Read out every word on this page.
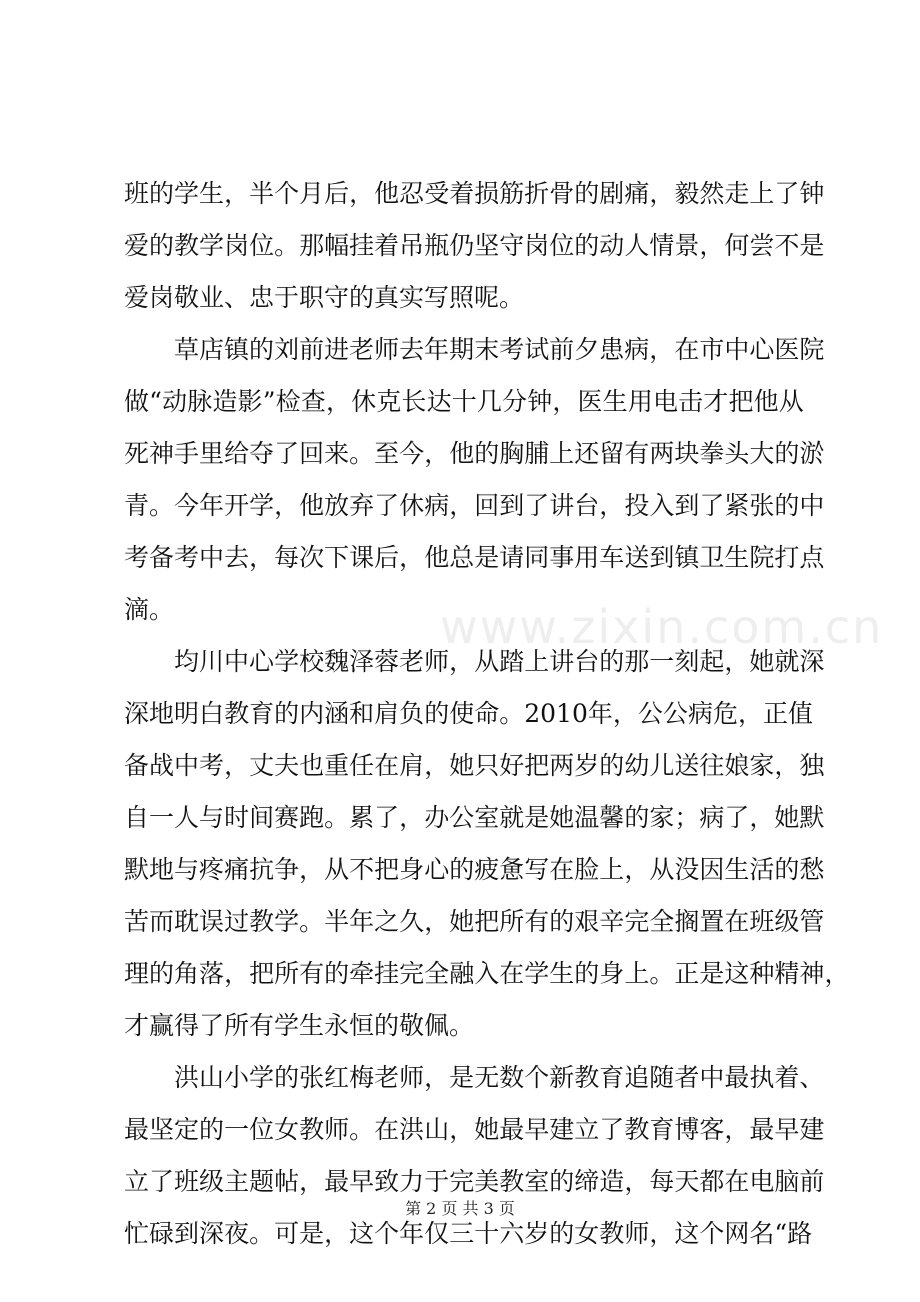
www.zixin.com.cn
班 的 学 生 ， 半 个 月 后 ， 他 忍 受 着 损 筋 折 骨 的 剧 痛 ， 毅 然 走 上 了 钟
爱 的 教 学 岗 位 。 那 幅 挂 着 吊 瓶 仍 坚 守 岗 位 的 动 人 情 景 ， 何 尝 不 是
爱岗敬业、忠于职守的真实写照呢。
草 店 镇 的 刘 前 进 老 师 去 年 期 末 考 试 前 夕 患 病 ， 在 市 中 心 医 院
做 “ 动 脉 造 影 ” 检 查 ， 休 克 长 达 十 几 分 钟 ， 医 生 用 电 击 才 把 他 从
死 神 手 里 给 夺 了 回 来 。 至 今 ， 他 的 胸 脯 上 还 留 有 两 块 拳 头 大 的 淤
青 。 今 年 开 学 ， 他 放 弃 了 休 病 ， 回 到 了 讲 台 ， 投 入 到 了 紧 张 的 中
考 备 考 中 去 ， 每 次 下 课 后 ， 他 总 是 请 同 事 用 车 送 到 镇 卫 生 院 打 点
滴。
均 川 中 心 学 校 魏 泽 蓉 老 师 ， 从 踏 上 讲 台 的 那 一 刻 起 ， 她 就 深
深 地 明 白 教 育 的 内 涵 和 肩 负 的 使 命 。 2 0 1 0 年 ， 公 公 病 危 ， 正 值
备 战 中 考 ， 丈 夫 也 重 任 在 肩 ， 她 只 好 把 两 岁 的 幼 儿 送 往 娘 家 ， 独
自 一 人 与 时 间 赛 跑 。 累 了 ， 办 公 室 就 是 她 温 馨 的 家 ； 病 了 ， 她 默
默 地 与 疼 痛 抗 争 ， 从 不 把 身 心 的 疲 惫 写 在 脸 上 ， 从 没 因 生 活 的 愁
苦 而 耽 误 过 教 学 。 半 年 之 久 ， 她 把 所 有 的 艰 辛 完 全 搁 置 在 班 级 管
理 的 角 落 ， 把 所 有 的 牵 挂 完 全 融 入 在 学 生 的 身 上 。 正 是 这 种 精 神 ，
才赢得了所有学生永恒的敬佩。
洪 山 小 学 的 张 红 梅 老 师 ， 是 无 数 个 新 教 育 追 随 者 中 最 执 着 、
最 坚 定 的 一 位 女 教 师 。 在 洪 山 ， 她 最 早 建 立 了 教 育 博 客 ， 最 早 建
立 了 班 级 主 题 帖 ， 最 早 致 力 于 完 美 教 室 的 缔 造 ， 每 天 都 在 电 脑 前
忙 碌 到 深 夜 。 可 是 ， 这 个 年 仅 三 十 六 岁 的 女 教 师 ， 这 个 网 名 “ 路
第 2 页 共 3 页
